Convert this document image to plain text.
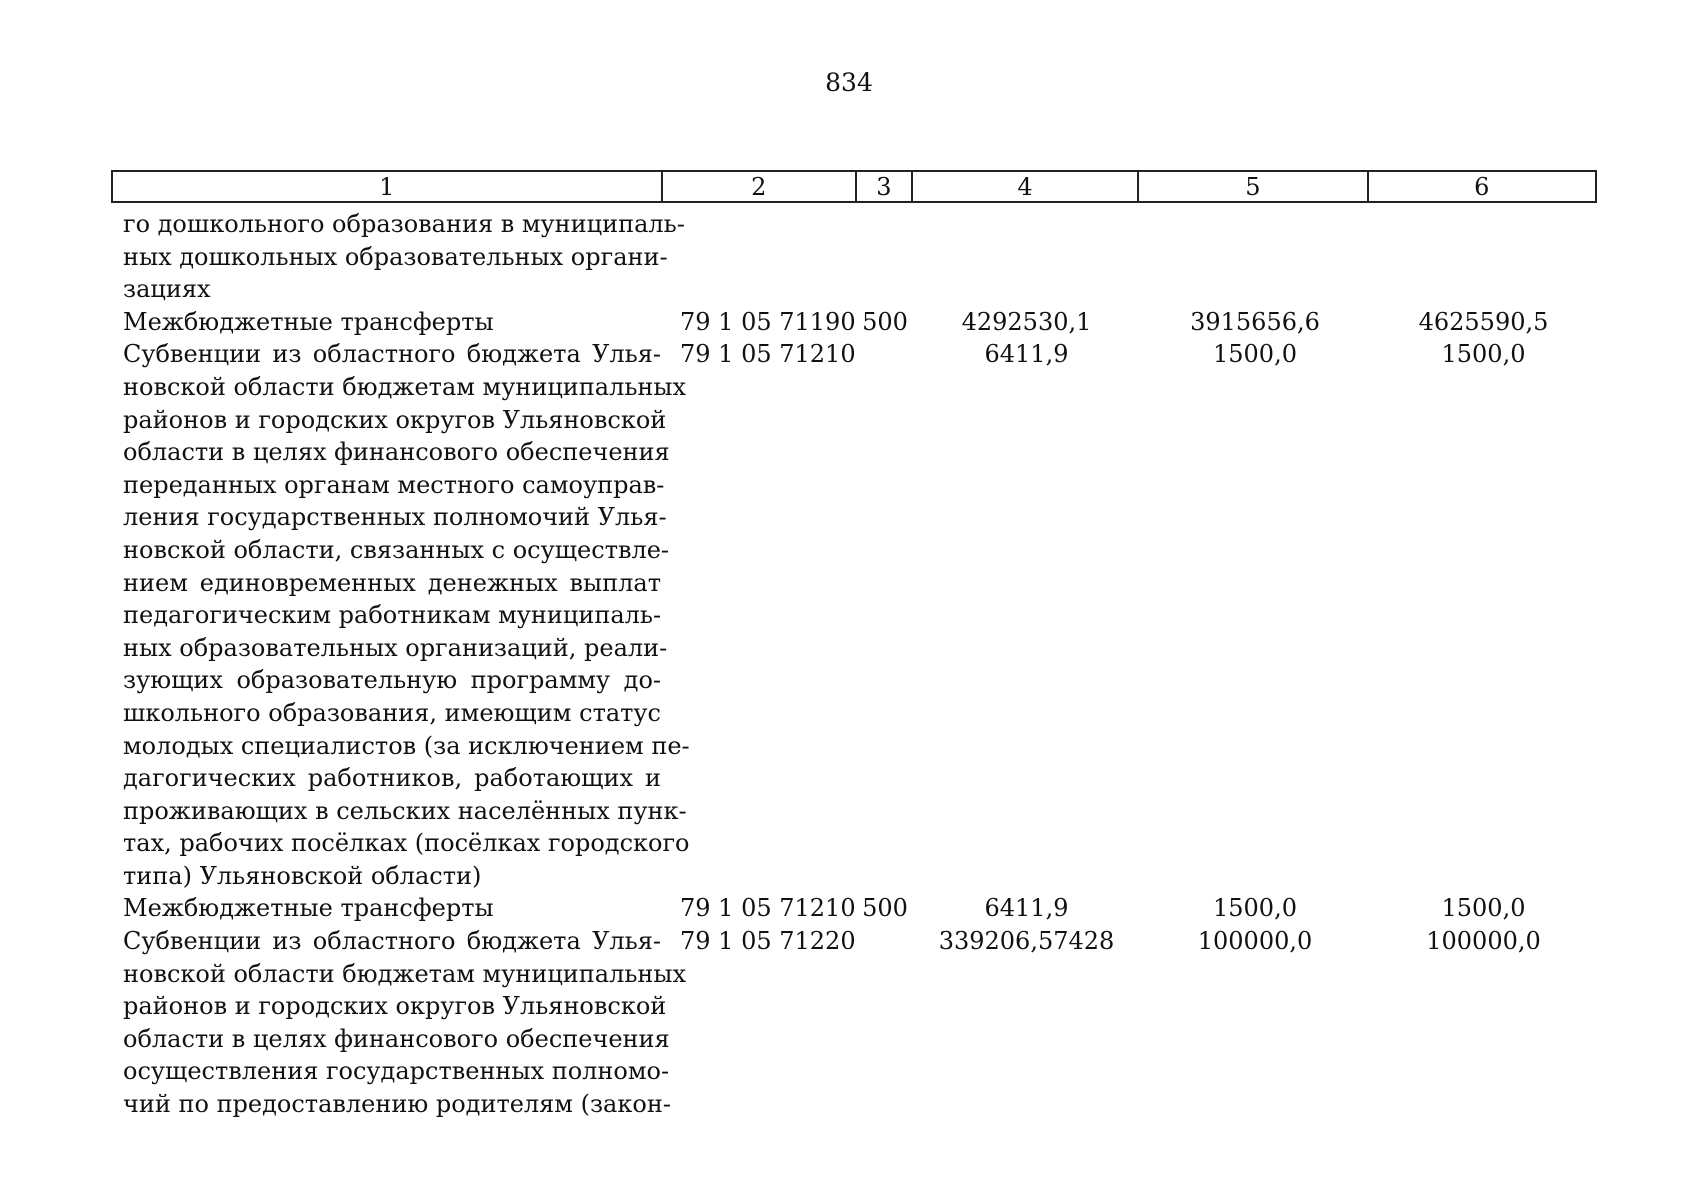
834
1	2	3	4	5	6
го дошкольного образования в муниципаль-
ных дошкольных образовательных органи-
зациях
Межбюджетные трансферты	79 1 05 71190 500	4292530,1	3915656,6	4625590,5
Субвенции из областного бюджета Улья-
новской области бюджетам муниципальных
районов и городских округов Ульяновской
области в целях финансового обеспечения
переданных органам местного самоуправ-
ления государственных полномочий Улья-
новской области, связанных с осуществле-
нием единовременных денежных выплат
педагогическим работникам муниципаль-
ных образовательных организаций, реали-
зующих образовательную программу до-
школьного образования, имеющим статус
молодых специалистов (за исключением пе-
дагогических работников, работающих и
проживающих в сельских населённых пунк-
тах, рабочих посёлках (посёлках городского
типа) Ульяновской области)
79 1 05 71210	6411,9	1500,0	1500,0
Межбюджетные трансферты	79 1 05 71210 500	6411,9	1500,0	1500,0
Субвенции из областного бюджета Улья-
новской области бюджетам муниципальных
районов и городских округов Ульяновской
области в целях финансового обеспечения
осуществления государственных полномо-
чий по предоставлению родителям (закон-
79 1 05 71220	339206,57428	100000,0	100000,0
